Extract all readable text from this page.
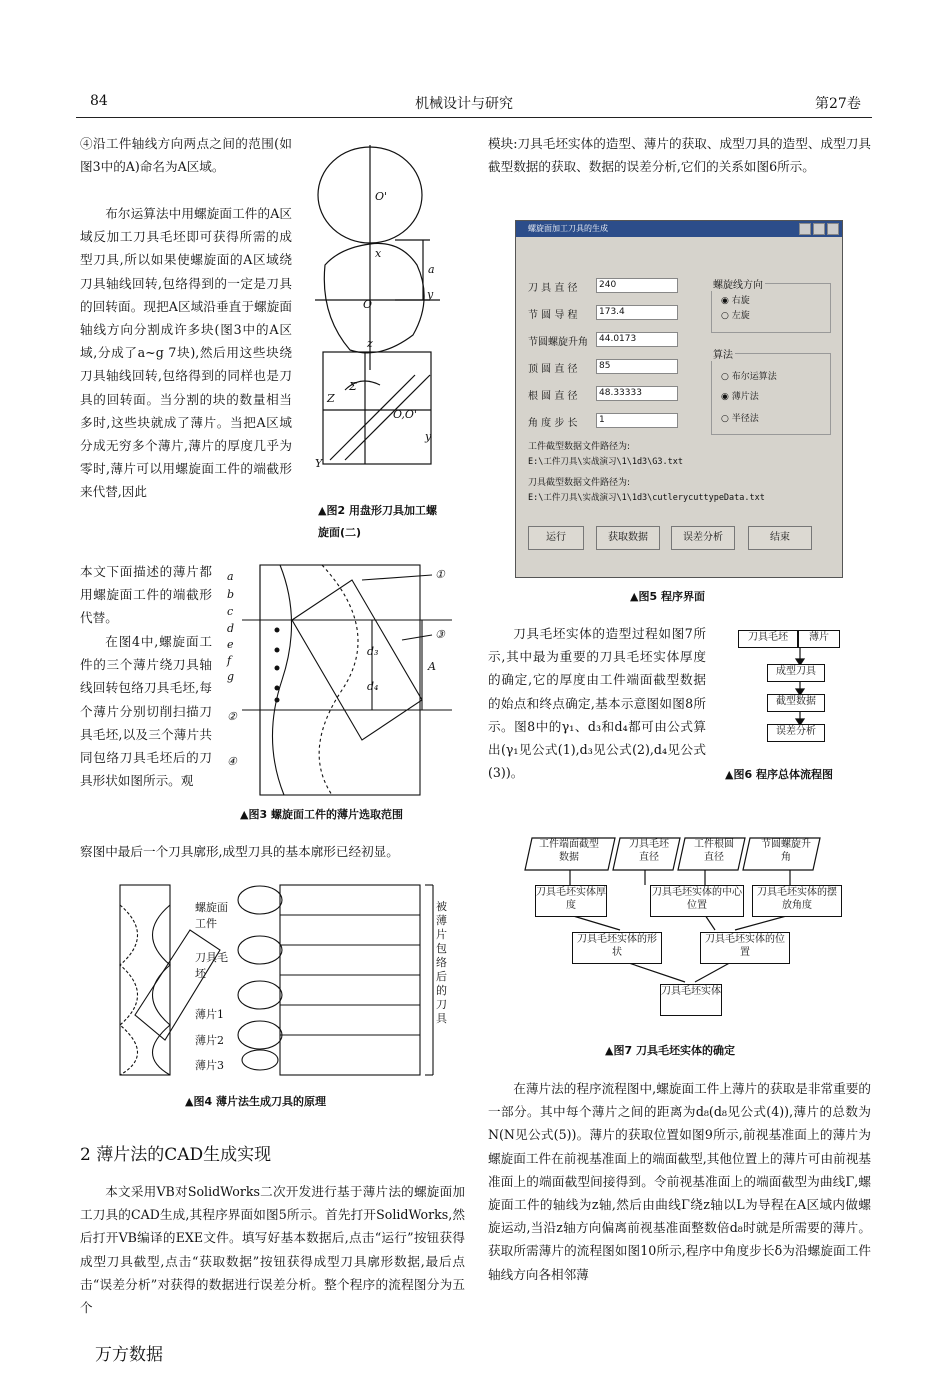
84	机械设计与研究	第27卷
④沿工件轴线方向两点之间的范围(如图3中的A)命名为A区域。
布尔运算法中用螺旋面工件的A区域反加工刀具毛坯即可获得所需的成型刀具,所以如果使螺旋面的A区域绕刀具轴线回转,包络得到的一定是刀具的回转面。现把A区域沿垂直于螺旋面轴线方向分割成许多块(图3中的A区域,分成了a~g 7块),然后用这些块绕刀具轴线回转,包络得到的同样也是刀具的回转面。当分割的块的数量相当多时,这些块就成了薄片。当把A区域分成无穷多个薄片,薄片的厚度几乎为零时,薄片可以用螺旋面工件的端截形来代替,因此
本文下面描述的薄片都用螺旋面工件的端截形代替。
在图4中,螺旋面工件的三个薄片绕刀具轴线回转包络刀具毛坯,每个薄片分别切削扫描刀具毛坯,以及三个薄片共同包络刀具毛坯后的刀具形状如图所示。观
察图中最后一个刀具廓形,成型刀具的基本廓形已经初显。
O'
x
O
y
a
z
Σ
Z
O,O'
y
Y
▲图2 用盘形刀具加工螺旋面(二)
a
b
c
d
e
f
g
d₃
d₄
A
①
③
②
④
▲图3 螺旋面工件的薄片选取范围
螺旋面工件
刀具毛坯
薄片1
薄片2
薄片3
被薄片包络后的刀具
▲图4 薄片法生成刀具的原理
2 薄片法的CAD生成实现
本文采用VB对SolidWorks二次开发进行基于薄片法的螺旋面加工刀具的CAD生成,其程序界面如图5所示。首先打开SolidWorks,然后打开VB编译的EXE文件。填写好基本数据后,点击“运行”按钮获得成型刀具截型,点击“获取数据”按钮获得成型刀具廓形数据,最后点击“误差分析”对获得的数据进行误差分析。整个程序的流程图分为五个
模块:刀具毛坯实体的造型、薄片的获取、成型刀具的造型、成型刀具截型数据的获取、数据的误差分析,它们的关系如图6所示。
螺旋面加工刀具的生成
刀 具 直 径	240
节 圆 导 程	173.4
节圆螺旋升角	44.0173
顶 圆 直 径	85
根 圆 直 径	48.33333
角 度 步 长	1
螺旋线方向
◉ 右旋
○ 左旋
算法
○ 布尔运算法
◉ 薄片法
○ 半径法
工件截型数据文件路径为:
E:\工件刀具\实战演习\1\1d3\G3.txt
刀具截型数据文件路径为:
E:\工件刀具\实战演习\1\1d3\cutlerycuttypeData.txt
运行	获取数据	误差分析	结束
▲图5 程序界面
刀具毛坯实体的造型过程如图7所示,其中最为重要的刀具毛坯实体厚度的确定,它的厚度由工件端面截型数据的始点和终点确定,基本示意图如图8所示。图8中的γ₁、d₃和d₄都可由公式算出(γ₁见公式(1),d₃见公式(2),d₄见公式(3))。
刀具毛坯	薄片
成型刀具
截型数据
误差分析
▲图6 程序总体流程图
工件端面截型数据
刀具毛坯直径
工件根圆直径
节圆螺旋升角
刀具毛坯实体厚度
刀具毛坯实体的中心位置
刀具毛坯实体的摆放角度
刀具毛坯实体的形状
刀具毛坯实体的位置
刀具毛坯实体
▲图7 刀具毛坯实体的确定
在薄片法的程序流程图中,螺旋面工件上薄片的获取是非常重要的一部分。其中每个薄片之间的距离为d₈(d₈见公式(4)),薄片的总数为N(N见公式(5))。薄片的获取位置如图9所示,前视基准面上的薄片为螺旋面工件在前视基准面上的端面截型,其他位置上的薄片可由前视基准面上的端面截型间接得到。令前视基准面上的端面截型为曲线Γ,螺旋面工件的轴线为z轴,然后由曲线Γ绕z轴以L为导程在A区域内做螺旋运动,当沿z轴方向偏离前视基准面整数倍d₈时就是所需要的薄片。获取所需薄片的流程图如图10所示,程序中角度步长δ为沿螺旋面工件轴线方向各相邻薄
万方数据
